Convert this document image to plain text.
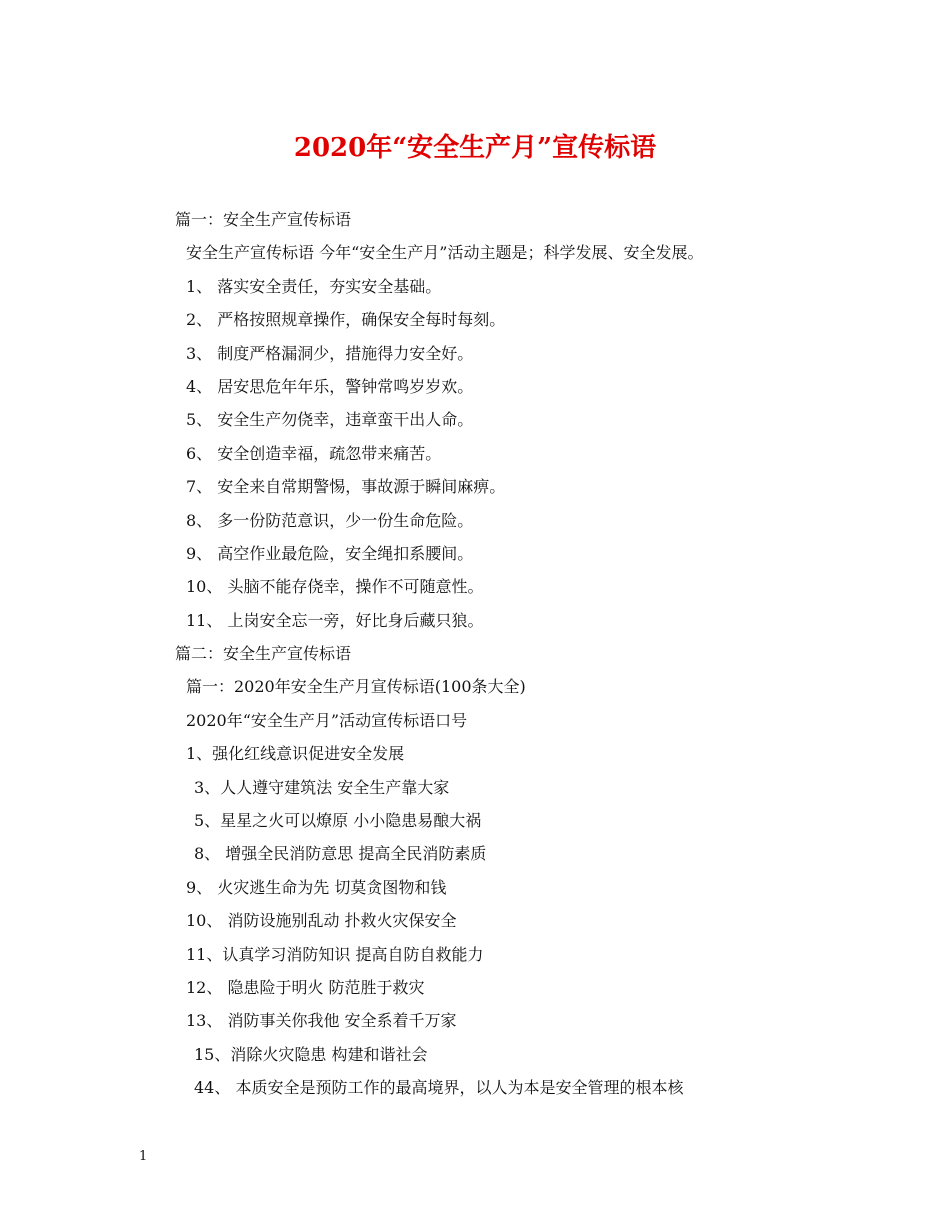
2020年“安全生产月”宣传标语
篇一：安全生产宣传标语
安全生产宣传标语 今年“安全生产月”活动主题是；科学发展、安全发展。
1、 落实安全责任，夯实安全基础。
2、 严格按照规章操作，确保安全每时每刻。
3、 制度严格漏洞少，措施得力安全好。
4、 居安思危年年乐，警钟常鸣岁岁欢。
5、 安全生产勿侥幸，违章蛮干出人命。
6、 安全创造幸福，疏忽带来痛苦。
7、 安全来自常期警惕，事故源于瞬间麻痹。
8、 多一份防范意识，少一份生命危险。
9、 高空作业最危险，安全绳扣系腰间。
10、 头脑不能存侥幸，操作不可随意性。
11、 上岗安全忘一旁，好比身后藏只狼。
篇二：安全生产宣传标语
篇一：2020年安全生产月宣传标语(100条大全)
2020年“安全生产月”活动宣传标语口号
1、强化红线意识促进安全发展
3、人人遵守建筑法 安全生产靠大家
5、星星之火可以燎原 小小隐患易酿大祸
8、 增强全民消防意思 提高全民消防素质
9、 火灾逃生命为先 切莫贪图物和钱
10、 消防设施别乱动 扑救火灾保安全
11、认真学习消防知识 提高自防自救能力
12、 隐患险于明火 防范胜于救灾
13、 消防事关你我他 安全系着千万家
15、消除火灾隐患 构建和谐社会
44、 本质安全是预防工作的最高境界，以人为本是安全管理的根本核
1
